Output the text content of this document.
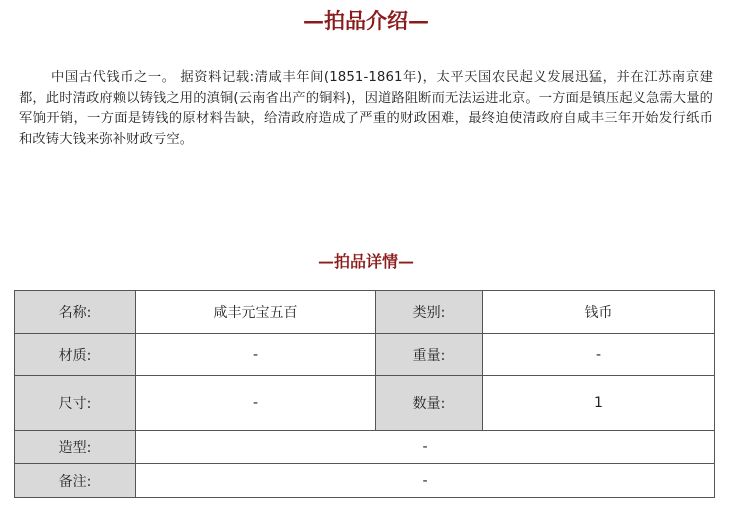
—拍品介绍—

中国古代钱币之一。 据资料记载:清咸丰年间(1851-1861年)，太平天国农民起义发展迅猛，并在江苏南京建都，此时清政府赖以铸钱之用的滇铜(云南省出产的铜料)，因道路阻断而无法运进北京。一方面是镇压起义急需大量的军饷开销，一方面是铸钱的原材料告缺，给清政府造成了严重的财政困难，最终迫使清政府自咸丰三年开始发行纸币和改铸大钱来弥补财政亏空。

—拍品详情—
名称:	咸丰元宝五百	类别:	钱币
材质:	-	重量:	-
尺寸:	-	数量:	1
造型:	-		
备注:	-		
